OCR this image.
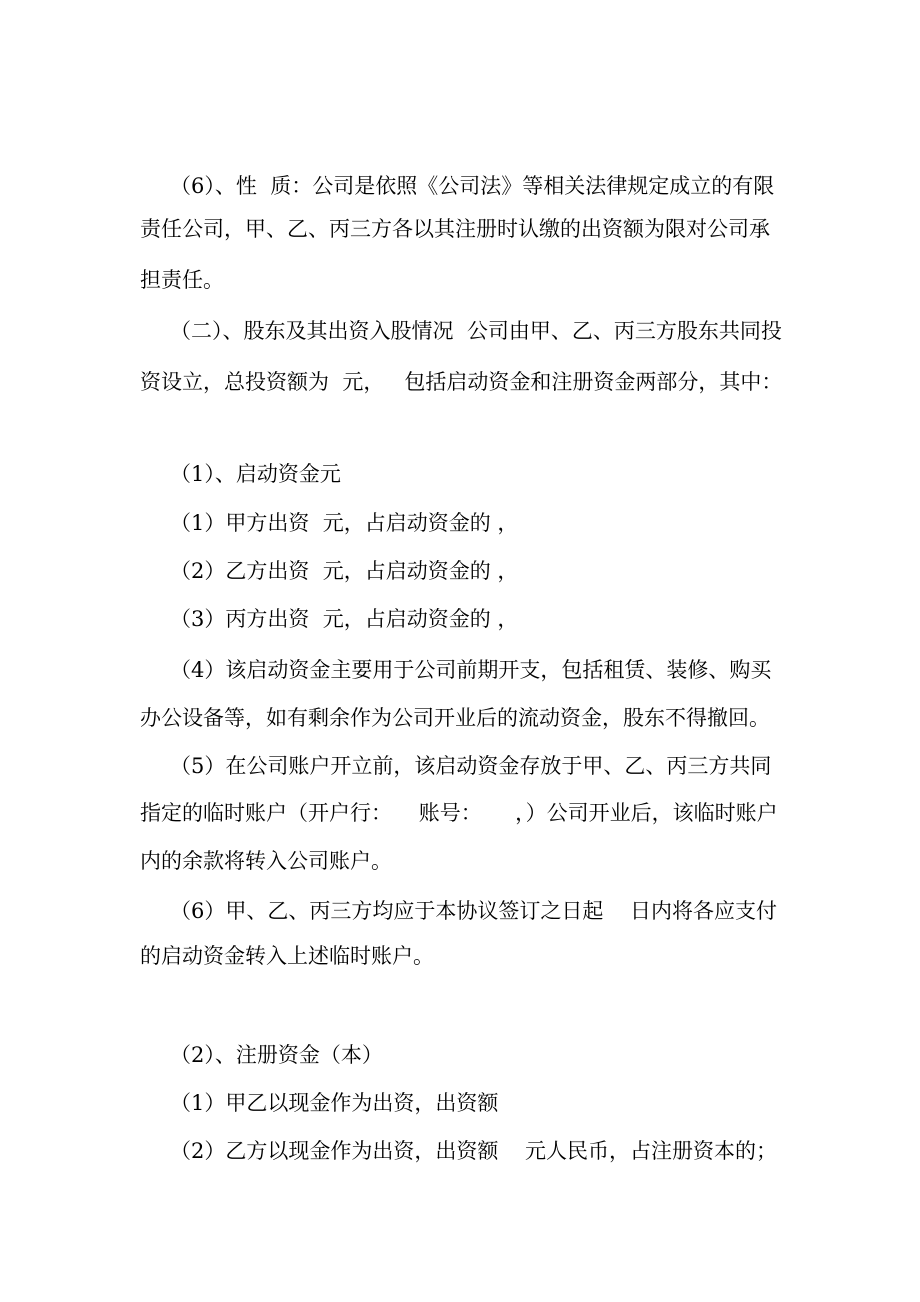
（6）、性  质：公司是依照《公司法》等相关法律规定成立的有限
责任公司，甲、乙、丙三方各以其注册时认缴的出资额为限对公司承
担责任。
（二）、股东及其出资入股情况  公司由甲、乙、丙三方股东共同投
资设立，总投资额为  元，   包括启动资金和注册资金两部分，其中：
（1）、启动资金元
（1）甲方出资  元，占启动资金的 ，
（2）乙方出资  元，占启动资金的 ，
（3）丙方出资  元，占启动资金的 ，
（4）该启动资金主要用于公司前期开支，包括租赁、装修、购买
办公设备等，如有剩余作为公司开业后的流动资金，股东不得撤回。
（5）在公司账户开立前，该启动资金存放于甲、乙、丙三方共同
指定的临时账户（开户行：    账号：     ，）公司开业后，该临时账户
内的余款将转入公司账户。
（6）甲、乙、丙三方均应于本协议签订之日起    日内将各应支付
的启动资金转入上述临时账户。
（2）、注册资金（本）
（1）甲乙以现金作为出资，出资额
（2）乙方以现金作为出资，出资额    元人民币，占注册资本的；
